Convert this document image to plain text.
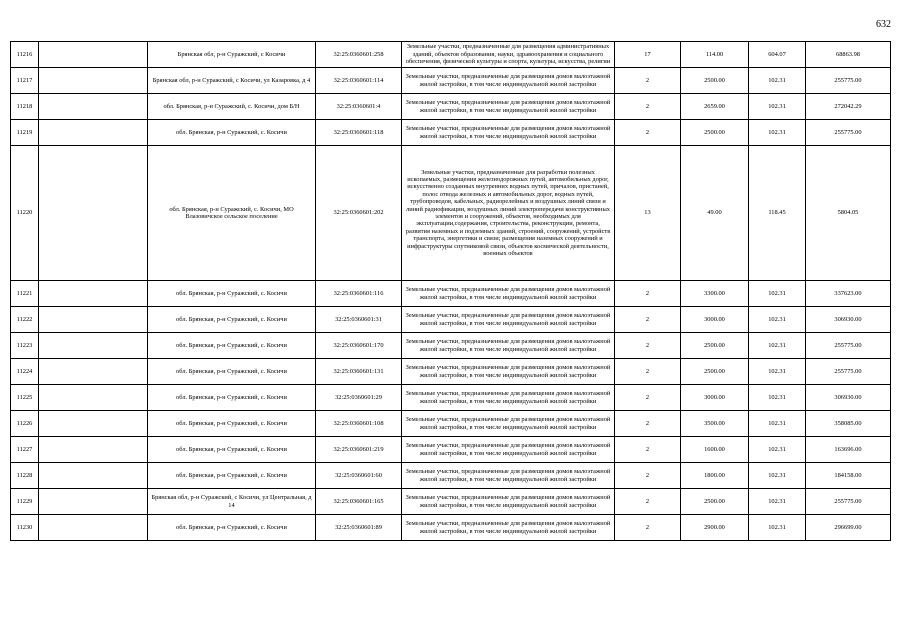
632
11216		Брянская обл, р-н Суражский, с Косичи	32:25:0360601:258	Земельные участки, предназначенные для размещения административных зданий, объектов образования, науки, здравоохранения и социального обеспечения, физической культуры и спорта, культуры, искусства, религии	17	114.00	604.07	68863.98
11217		Брянская обл, р-н Суражский, с Косичи, ул Казаровка, д 4	32:25:0360601:114	Земельные участки, предназначенные для размещения домов малоэтажной жилой застройки, в том числе индивидуальной жилой застройки	2	2500.00	102.31	255775.00
11218		обл. Брянская, р-н Суражский, с. Косичи, дом Б/Н	32:25:0360601:4	Земельные участки, предназначенные для размещения домов малоэтажной жилой застройки, в том числе индивидуальной жилой застройки	2	2659.00	102.31	272042.29
11219		обл. Брянская, р-н Суражский, с. Косичи	32:25:0360601:118	Земельные участки, предназначенные для размещения домов малоэтажной жилой застройки, в том числе индивидуальной жилой застройки	2	2500.00	102.31	255775.00
11220		обл. Брянская, р-н Суражский, с. Косичи, МО Влазовичское сельское поселение	32:25:0360601:202	Земельные участки, предназначенные для разработки полезных ископаемых, размещения железнодорожных путей, автомобильных дорог, искусственно созданных внутренних водных путей, причалов, пристаней, полос отвода железных и автомобильных дорог, водных путей, трубопроводов, кабельных, радиорелейных и воздушных линий связи и линий радиофикации, воздушных линий электропередачи конструктивных элементов и сооружений, объектов, необходимых для эксплуатации,содержания, строительства, реконструкции, ремонта, развития наземных и подземных зданий, строений, сооружений, устройств транспорта, энергетики и связи; размещения наземных сооружений и инфраструктуры спутниковой связи, объектов космической деятельности, военных объектов	13	49.00	118.45	5804.05
11221		обл. Брянская, р-н Суражский, с. Косичи	32:25:0360601:116	Земельные участки, предназначенные для размещения домов малоэтажной жилой застройки, в том числе индивидуальной жилой застройки	2	3300.00	102.31	337623.00
11222		обл. Брянская, р-н Суражский, с. Косичи	32:25:0360601:31	Земельные участки, предназначенные для размещения домов малоэтажной жилой застройки, в том числе индивидуальной жилой застройки	2	3000.00	102.31	306930.00
11223		обл. Брянская, р-н Суражский, с. Косичи	32:25:0360601:170	Земельные участки, предназначенные для размещения домов малоэтажной жилой застройки, в том числе индивидуальной жилой застройки	2	2500.00	102.31	255775.00
11224		обл. Брянская, р-н Суражский, с. Косичи	32:25:0360601:131	Земельные участки, предназначенные для размещения домов малоэтажной жилой застройки, в том числе индивидуальной жилой застройки	2	2500.00	102.31	255775.00
11225		обл. Брянская, р-н Суражский, с. Косичи	32:25:0360601:29	Земельные участки, предназначенные для размещения домов малоэтажной жилой застройки, в том числе индивидуальной жилой застройки	2	3000.00	102.31	306930.00
11226		обл. Брянская, р-н Суражский, с. Косичи	32:25:0360601:108	Земельные участки, предназначенные для размещения домов малоэтажной жилой застройки, в том числе индивидуальной жилой застройки	2	3500.00	102.31	358085.00
11227		обл. Брянская, р-н Суражский, с. Косичи	32:25:0360601:219	Земельные участки, предназначенные для размещения домов малоэтажной жилой застройки, в том числе индивидуальной жилой застройки	2	1600.00	102.31	163696.00
11228		обл. Брянская, р-н Суражский, с. Косичи	32:25:0360601:60	Земельные участки, предназначенные для размещения домов малоэтажной жилой застройки, в том числе индивидуальной жилой застройки	2	1800.00	102.31	184158.00
11229		Брянская обл, р-н Суражский, с Косичи, ул Центральная, д 14	32:25:0360601:165	Земельные участки, предназначенные для размещения домов малоэтажной жилой застройки, в том числе индивидуальной жилой застройки	2	2500.00	102.31	255775.00
11230		обл. Брянская, р-н Суражский, с. Косичи	32:25:0360601:89	Земельные участки, предназначенные для размещения домов малоэтажной жилой застройки, в том числе индивидуальной жилой застройки	2	2900.00	102.31	296699.00
